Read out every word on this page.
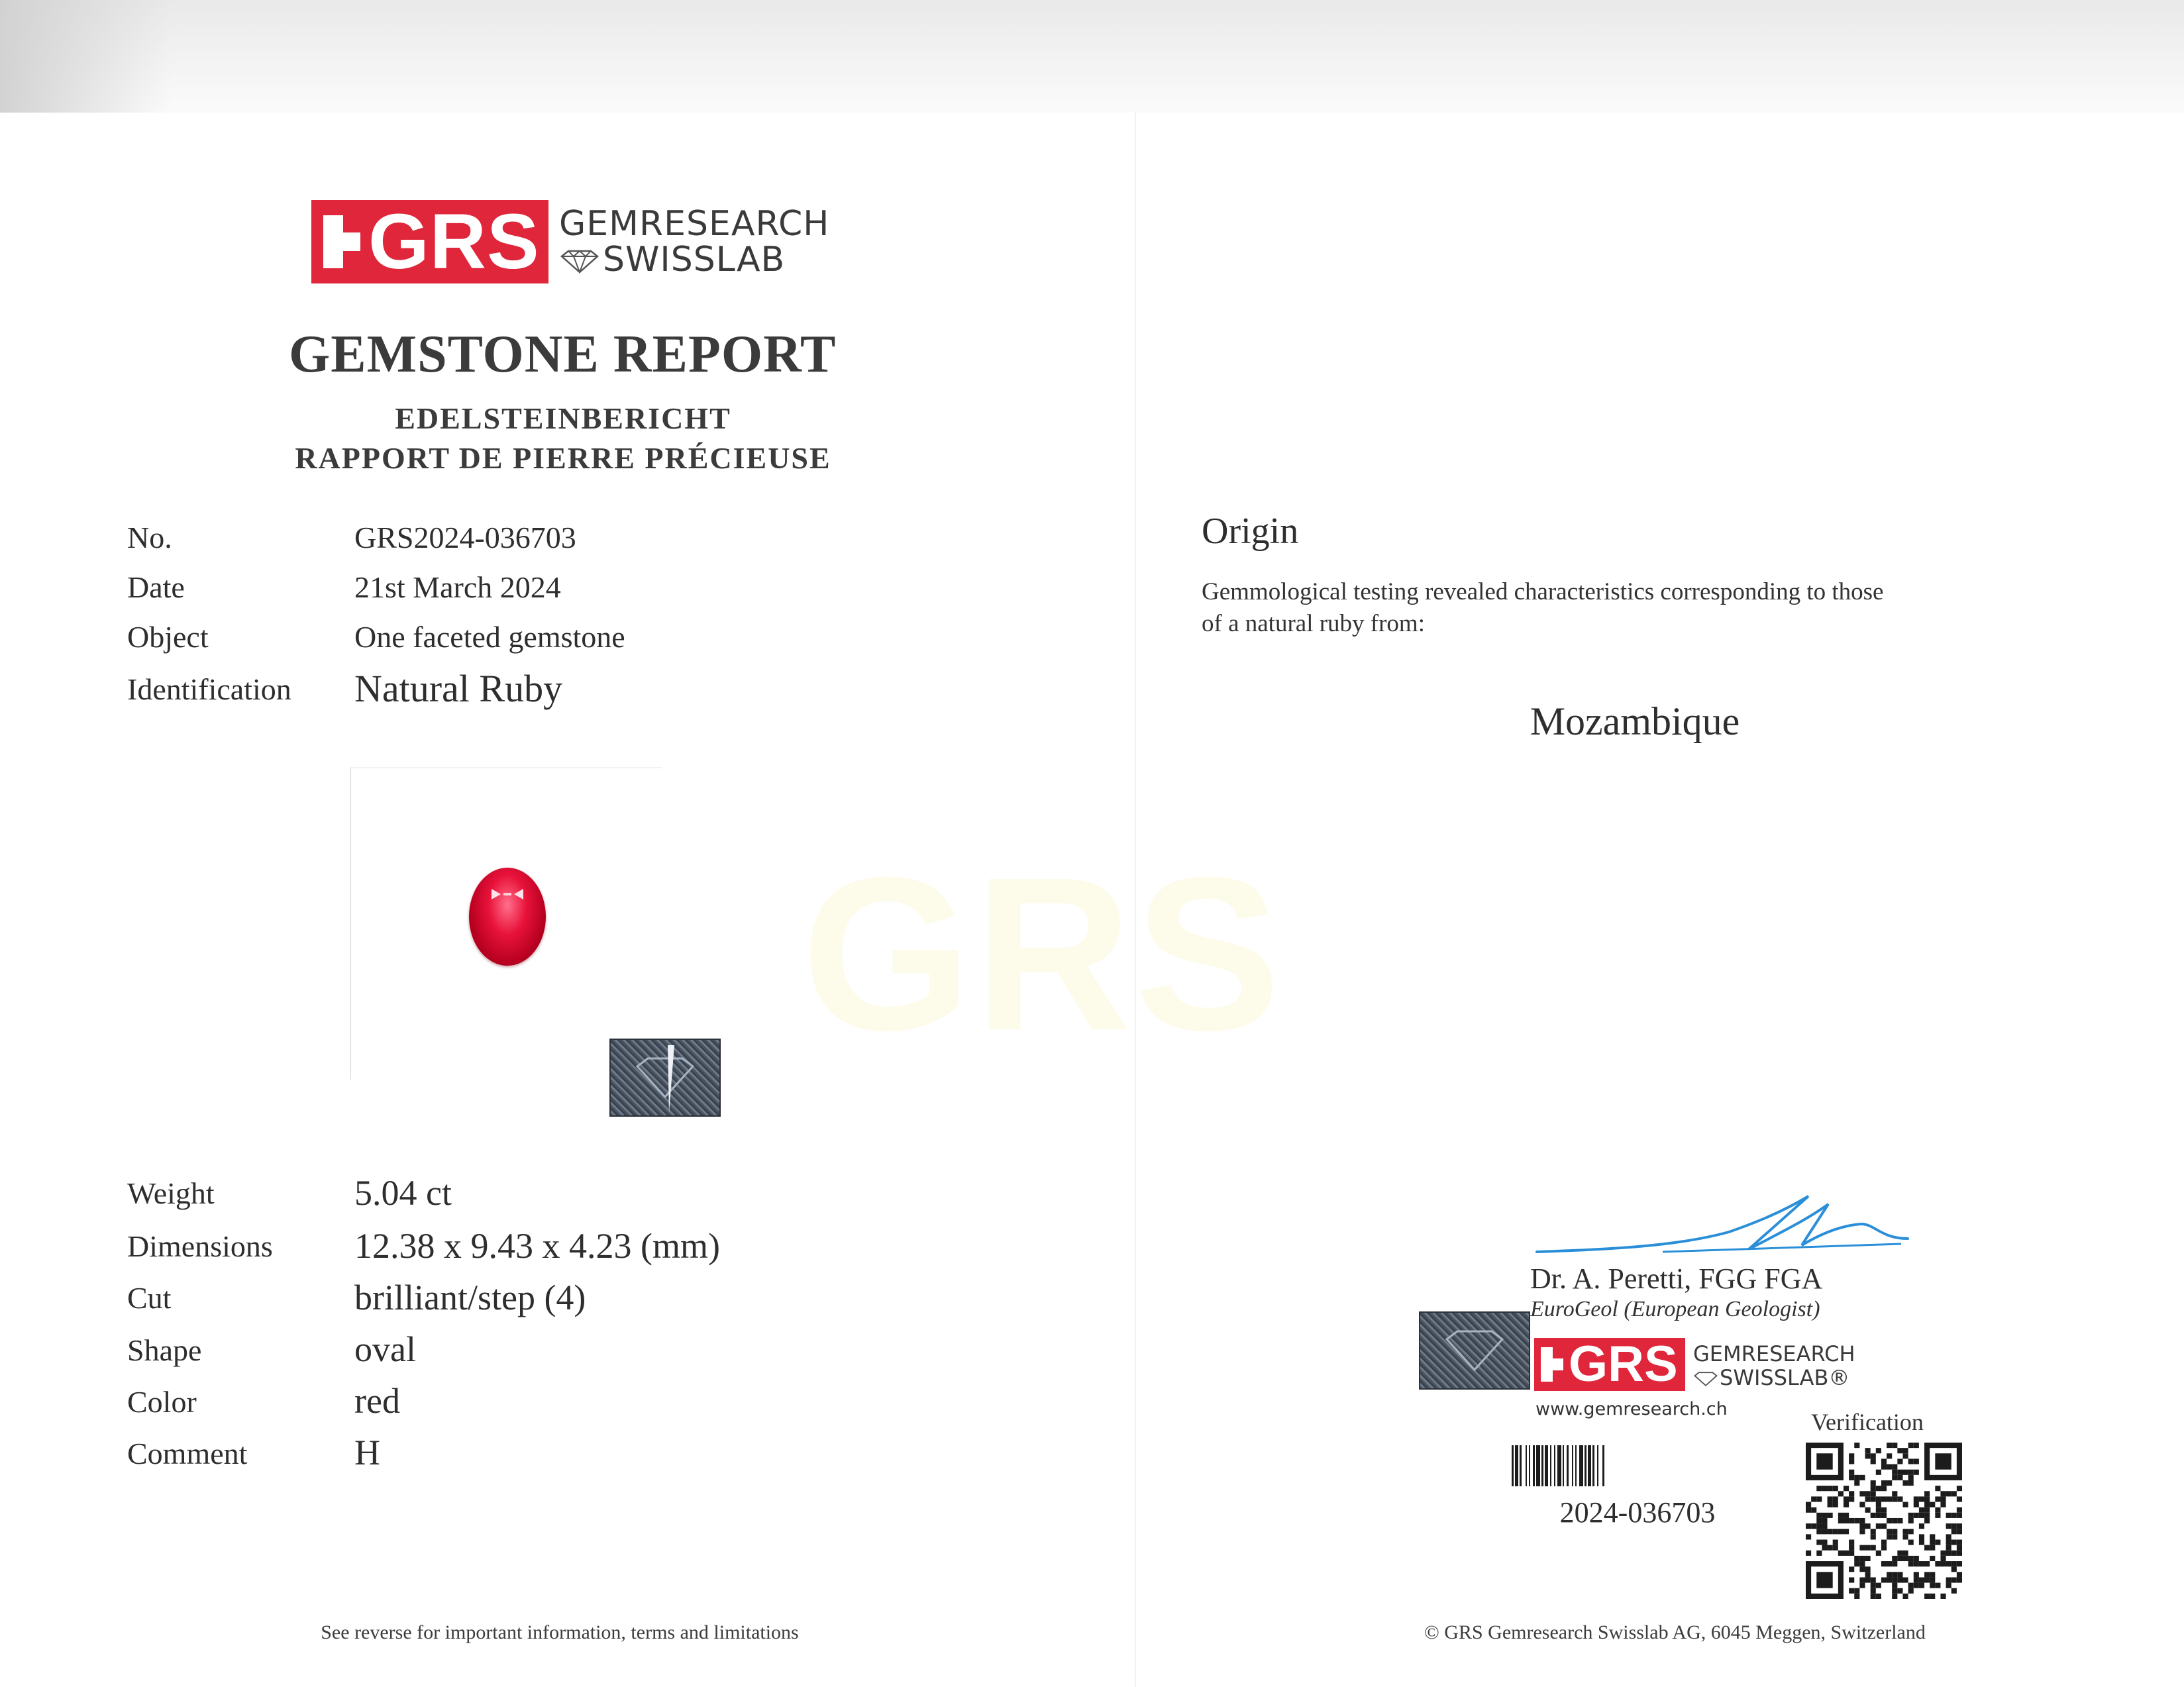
GRS
GRS GEMRESEARCH
SWISSLAB
GEMSTONE REPORT
EDELSTEINBERICHT
RAPPORT DE PIERRE PRÉCIEUSE
No.	GRS2024-036703
Date	21st March 2024
Object	One faceted gemstone
Identification Natural Ruby
Weight	5.04 ct
Dimensions 12.38 x 9.43 x 4.23 (mm)
Cut	brilliant/step (4)
Shape	oval
Color	red
Comment	H
See reverse for important information, terms and limitations
Origin
Gemmological testing revealed characteristics corresponding to those
of a natural ruby from:
Mozambique
Dr. A. Peretti, FGG FGA
EuroGeol (European Geologist)
GRS GEMRESEARCH
SWISSLAB®
www.gemresearch.ch
2024-036703
Verification
© GRS Gemresearch Swisslab AG, 6045 Meggen, Switzerland
